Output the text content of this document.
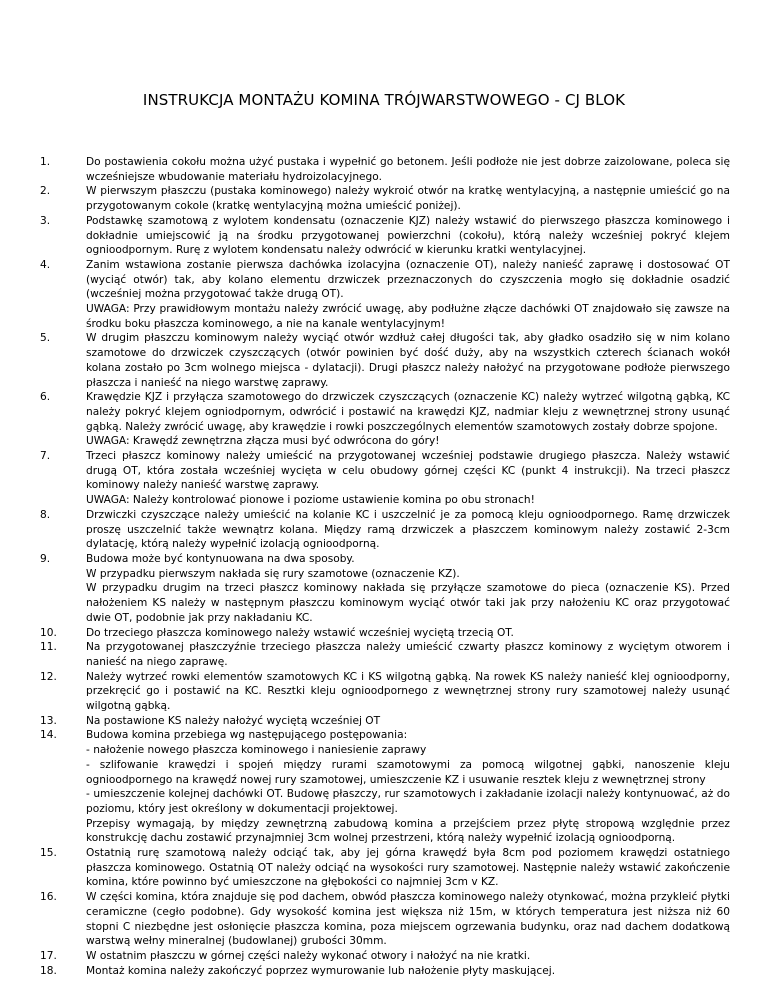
INSTRUKCJA MONTAŻU KOMINA TRÓJWARSTWOWEGO - CJ BLOK
1.	Do postawienia cokołu można użyć pustaka i wypełnić go betonem. Jeśli podłoże nie jest dobrze zaizolowane, poleca się wcześniejsze wbudowanie materiału hydroizolacyjnego.
2.	W pierwszym płaszczu (pustaka kominowego) należy wykroić otwór na kratkę wentylacyjną, a następnie umieścić go na przygotowanym cokole (kratkę wentylacyjną można umieścić poniżej).
3.	Podstawkę szamotową z wylotem kondensatu (oznaczenie KJZ) należy wstawić do pierwszego płaszcza kominowego i dokładnie umiejscowić ją na środku przygotowanej powierzchni (cokołu), którą należy wcześniej pokryć klejem ognioodpornym. Rurę z wylotem kondensatu należy odwrócić w kierunku kratki wentylacyjnej.
4.	Zanim wstawiona zostanie pierwsza dachówka izolacyjna (oznaczenie OT), należy nanieść zaprawę i dostosować OT (wyciąć otwór) tak, aby kolano elementu drzwiczek przeznaczonych do czyszczenia mogło się dokładnie osadzić (wcześniej można przygotować także drugą OT).
UWAGA: Przy prawidłowym montażu należy zwrócić uwagę, aby podłużne złącze dachówki OT znajdowało się zawsze na środku boku płaszcza kominowego, a nie na kanale wentylacyjnym!
5.	W drugim płaszczu kominowym należy wyciąć otwór wzdłuż całej długości tak, aby gładko osadziło się w nim kolano szamotowe do drzwiczek czyszczących (otwór powinien być dość duży, aby na wszystkich czterech ścianach wokół kolana zostało po 3cm wolnego miejsca - dylatacji). Drugi płaszcz należy nałożyć na przygotowane podłoże pierwszego płaszcza i nanieść na niego warstwę zaprawy.
6.	Krawędzie KJZ i przyłącza szamotowego do drzwiczek czyszczących (oznaczenie KC) należy wytrzeć wilgotną gąbką, KC należy pokryć klejem ogniodpornym, odwrócić i postawić na krawędzi KJZ, nadmiar kleju z wewnętrznej strony usunąć gąbką. Należy zwrócić uwagę, aby krawędzie i rowki poszczególnych elementów szamotowych zostały dobrze spojone.
UWAGA: Krawędź zewnętrzna złącza musi być odwrócona do góry!
7.	Trzeci płaszcz kominowy należy umieścić na przygotowanej wcześniej podstawie drugiego płaszcza. Należy wstawić drugą OT, która została wcześniej wycięta w celu obudowy górnej części KC (punkt 4 instrukcji). Na trzeci płaszcz kominowy należy nanieść warstwę zaprawy.
UWAGA: Należy kontrolować pionowe i poziome ustawienie komina po obu stronach!
8.	Drzwiczki czyszczące należy umieścić na kolanie KC i uszczelnić je za pomocą kleju ognioodpornego. Ramę drzwiczek proszę uszczelnić także wewnątrz kolana. Między ramą drzwiczek a płaszczem kominowym należy zostawić 2-3cm dylatację, którą należy wypełnić izolacją ognioodporną.
9.	Budowa może być kontynuowana na dwa sposoby.
W przypadku pierwszym nakłada się rury szamotowe (oznaczenie KZ).
W przypadku drugim na trzeci płaszcz kominowy nakłada się przyłącze szamotowe do pieca (oznaczenie KS). Przed nałożeniem KS należy w następnym płaszczu kominowym wyciąć otwór taki jak przy nałożeniu KC oraz przygotować dwie OT, podobnie jak przy nakładaniu KC.
10.	Do trzeciego płaszcza kominowego należy wstawić wcześniej wyciętą trzecią OT.
11.	Na przygotowanej płaszczyźnie trzeciego płaszcza należy umieścić czwarty płaszcz kominowy z wyciętym otworem i nanieść na niego zaprawę.
12.	Należy wytrzeć rowki elementów szamotowych KC i KS wilgotną gąbką. Na rowek KS należy nanieść klej ognioodporny, przekręcić go i postawić na KC. Resztki kleju ognioodpornego z wewnętrznej strony rury szamotowej należy usunąć wilgotną gąbką.
13.	Na postawione KS należy nałożyć wyciętą wcześniej OT
14.	Budowa komina przebiega wg następującego postępowania:
- nałożenie nowego płaszcza kominowego i naniesienie zaprawy
- szlifowanie krawędzi i spojeń między rurami szamotowymi za pomocą wilgotnej gąbki, nanoszenie kleju ognioodpornego na krawędź nowej rury szamotowej, umieszczenie KZ i usuwanie resztek kleju z wewnętrznej strony
- umieszczenie kolejnej dachówki OT. Budowę płaszczy, rur szamotowych i zakładanie izolacji należy kontynuować, aż do poziomu, który jest określony w dokumentacji projektowej.
Przepisy wymagają, by między zewnętrzną zabudową komina a przejściem przez płytę stropową względnie przez konstrukcję dachu zostawić przynajmniej 3cm wolnej przestrzeni, którą należy wypełnić izolacją ognioodporną.
15.	Ostatnią rurę szamotową należy odciąć tak, aby jej górna krawędź była 8cm pod poziomem krawędzi ostatniego płaszcza kominowego. Ostatnią OT należy odciąć na wysokości rury szamotowej. Następnie należy wstawić zakończenie komina, które powinno być umieszczone na głębokości co najmniej 3cm v KZ.
16.	W części komina, która znajduje się pod dachem, obwód płaszcza kominowego należy otynkować, można przykleić płytki ceramiczne (cegło podobne). Gdy wysokość komina jest większa niż 15m, w których temperatura jest niższa niż 60 stopni C niezbędne jest osłonięcie płaszcza komina, poza miejscem ogrzewania budynku, oraz nad dachem dodatkową warstwą wełny mineralnej (budowlanej) grubości 30mm.
17.	W ostatnim płaszczu w górnej części należy wykonać otwory i nałożyć na nie kratki.
18.	Montaż komina należy zakończyć poprzez wymurowanie lub nałożenie płyty maskującej.
